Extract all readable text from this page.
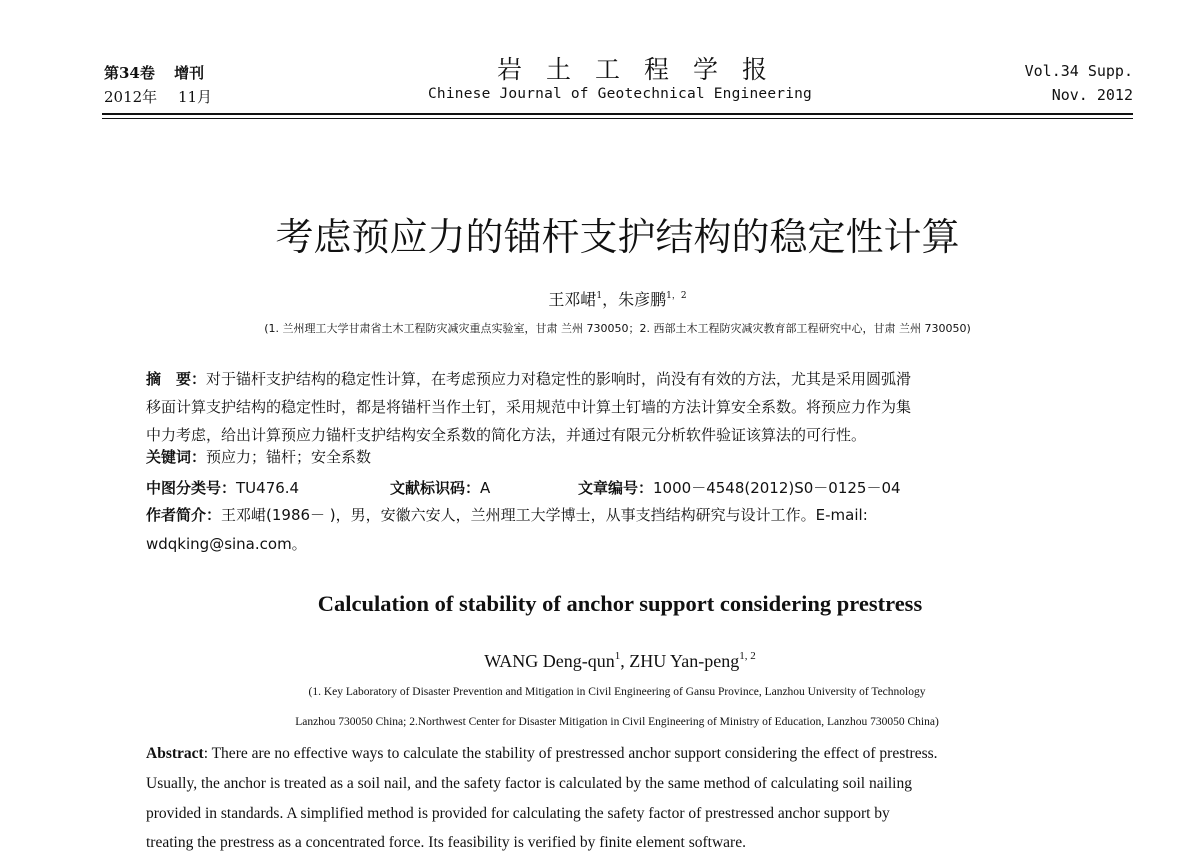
第34卷 增刊
2012年 11月
岩土工程学报
Chinese Journal of Geotechnical Engineering
Vol.34 Supp.
Nov. 2012
考虑预应力的锚杆支护结构的稳定性计算
王邓峮$^1$，朱彦鹏$^{1,2}$
(1. 兰州理工大学甘肃省土木工程防灾减灾重点实验室，甘肃 兰州 730050；2. 西部土木工程防灾减灾教育部工程研究中心，甘肃 兰州 730050)
摘　要：对于锚杆支护结构的稳定性计算，在考虑预应力对稳定性的影响时，尚没有有效的方法，尤其是采用圆弧滑
移面计算支护结构的稳定性时，都是将锚杆当作土钉，采用规范中计算土钉墙的方法计算安全系数。将预应力作为集
中力考虑，给出计算预应力锚杆支护结构安全系数的简化方法，并通过有限元分析软件验证该算法的可行性。
关键词：预应力；锚杆；安全系数
中图分类号：TU476.4	文献标识码：A	文章编号：1000－4548(2012)S0－0125－04
作者简介：王邓峮(1986－ )，男，安徽六安人，兰州理工大学博士，从事支挡结构研究与设计工作。E-mail:
wdqking@sina.com。
Calculation of stability of anchor support considering prestress
WANG Deng-qun$^1$, ZHU Yan-peng$^{1, 2}$
(1. Key Laboratory of Disaster Prevention and Mitigation in Civil Engineering of Gansu Province, Lanzhou University of Technology
Lanzhou 730050 China; 2.Northwest Center for Disaster Mitigation in Civil Engineering of Ministry of Education, Lanzhou 730050 China)
Abstract: There are no effective ways to calculate the stability of prestressed anchor support considering the effect of prestress.
Usually, the anchor is treated as a soil nail, and the safety factor is calculated by the same method of calculating soil nailing
provided in standards. A simplified method is provided for calculating the safety factor of prestressed anchor support by
treating the prestress as a concentrated force. Its feasibility is verified by finite element software.
